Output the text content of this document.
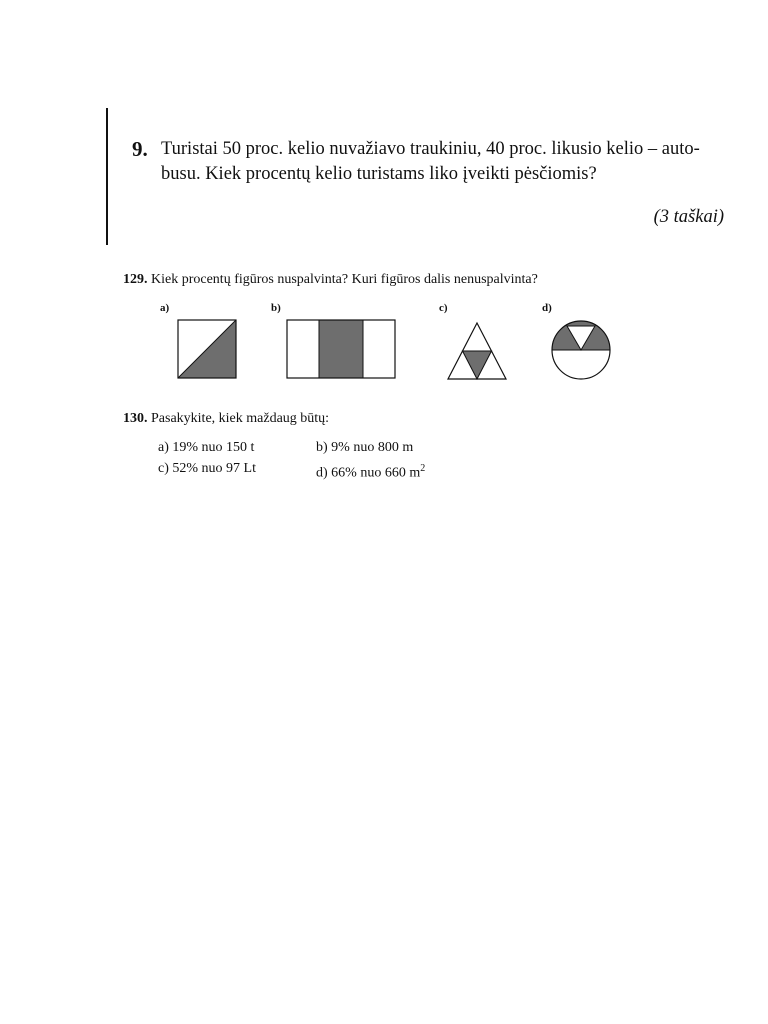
9. Turistai 50 proc. kelio nuvažiavo traukiniu, 40 proc. likusio kelio – auto-busu. Kiek procentų kelio turistams liko įveikti pėsčiomis?
(3 taškai)
129. Kiek procentų figūros nuspalvinta? Kuri figūros dalis nenuspalvinta?
a)	b)	c)	d)
130. Pasakykite, kiek maždaug būtų:
a) 19% nuo 150 t	b) 9% nuo 800 m
c) 52% nuo 97 Lt	d) 66% nuo 660 $m^2$
